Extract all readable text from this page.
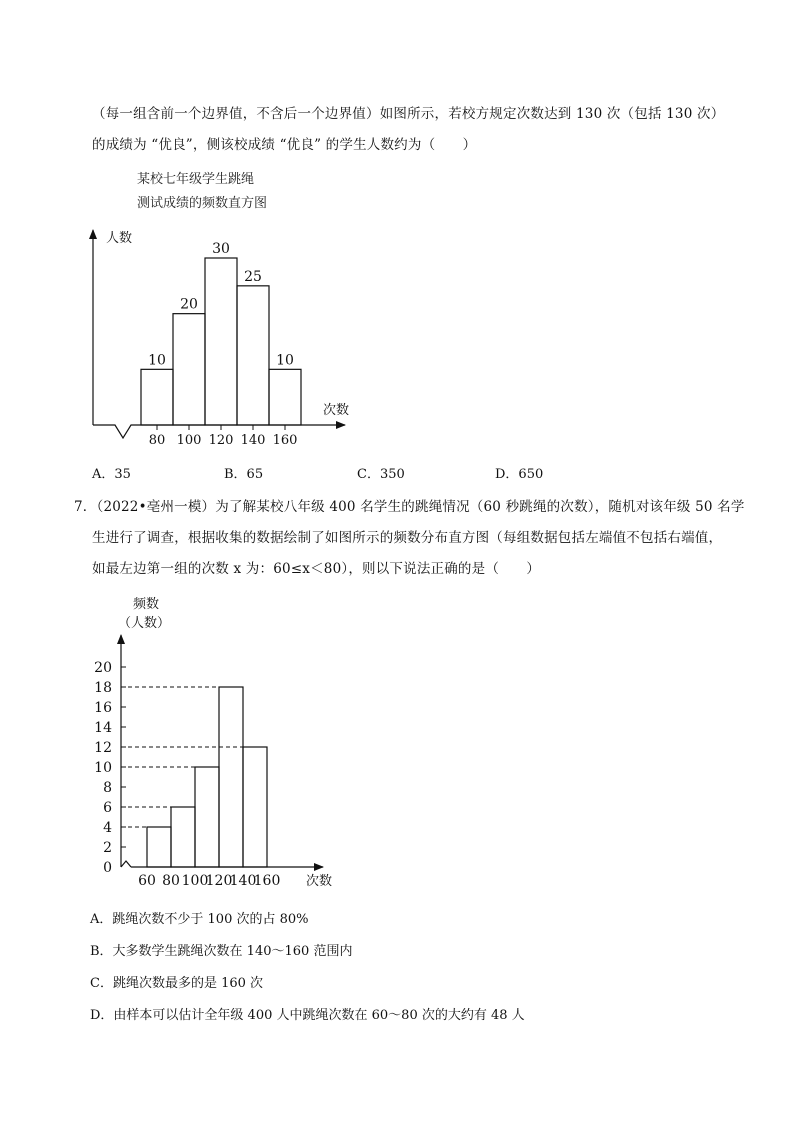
（每一组含前一个边界值，不含后一个边界值）如图所示，若校方规定次数达到 130 次（包括 130 次）
的成绩为 “优良”，侧该校成绩 “优良” 的学生人数约为（　　）
某校七年级学生跳绳
测试成绩的频数直方图
人数
次数
10
20
30
25
10
80 100 120 140 160
A．35	B．65	C．350	D．650
7．（2022•亳州一模）为了解某校八年级 400 名学生的跳绳情况（60 秒跳绳的次数），随机对该年级 50 名学
生进行了调查，根据收集的数据绘制了如图所示的频数分布直方图（每组数据包括左端值不包括右端值，
如最左边第一组的次数 x 为：60≤x＜80），则以下说法正确的是（　　）
频数
（人数）
次数
0
2
4
6
8
10
12
14
16
18
20
60 80 100
120
140
160
A．跳绳次数不少于 100 次的占 80%
B．大多数学生跳绳次数在 140～160 范围内
C．跳绳次数最多的是 160 次
D．由样本可以估计全年级 400 人中跳绳次数在 60～80 次的大约有 48 人
